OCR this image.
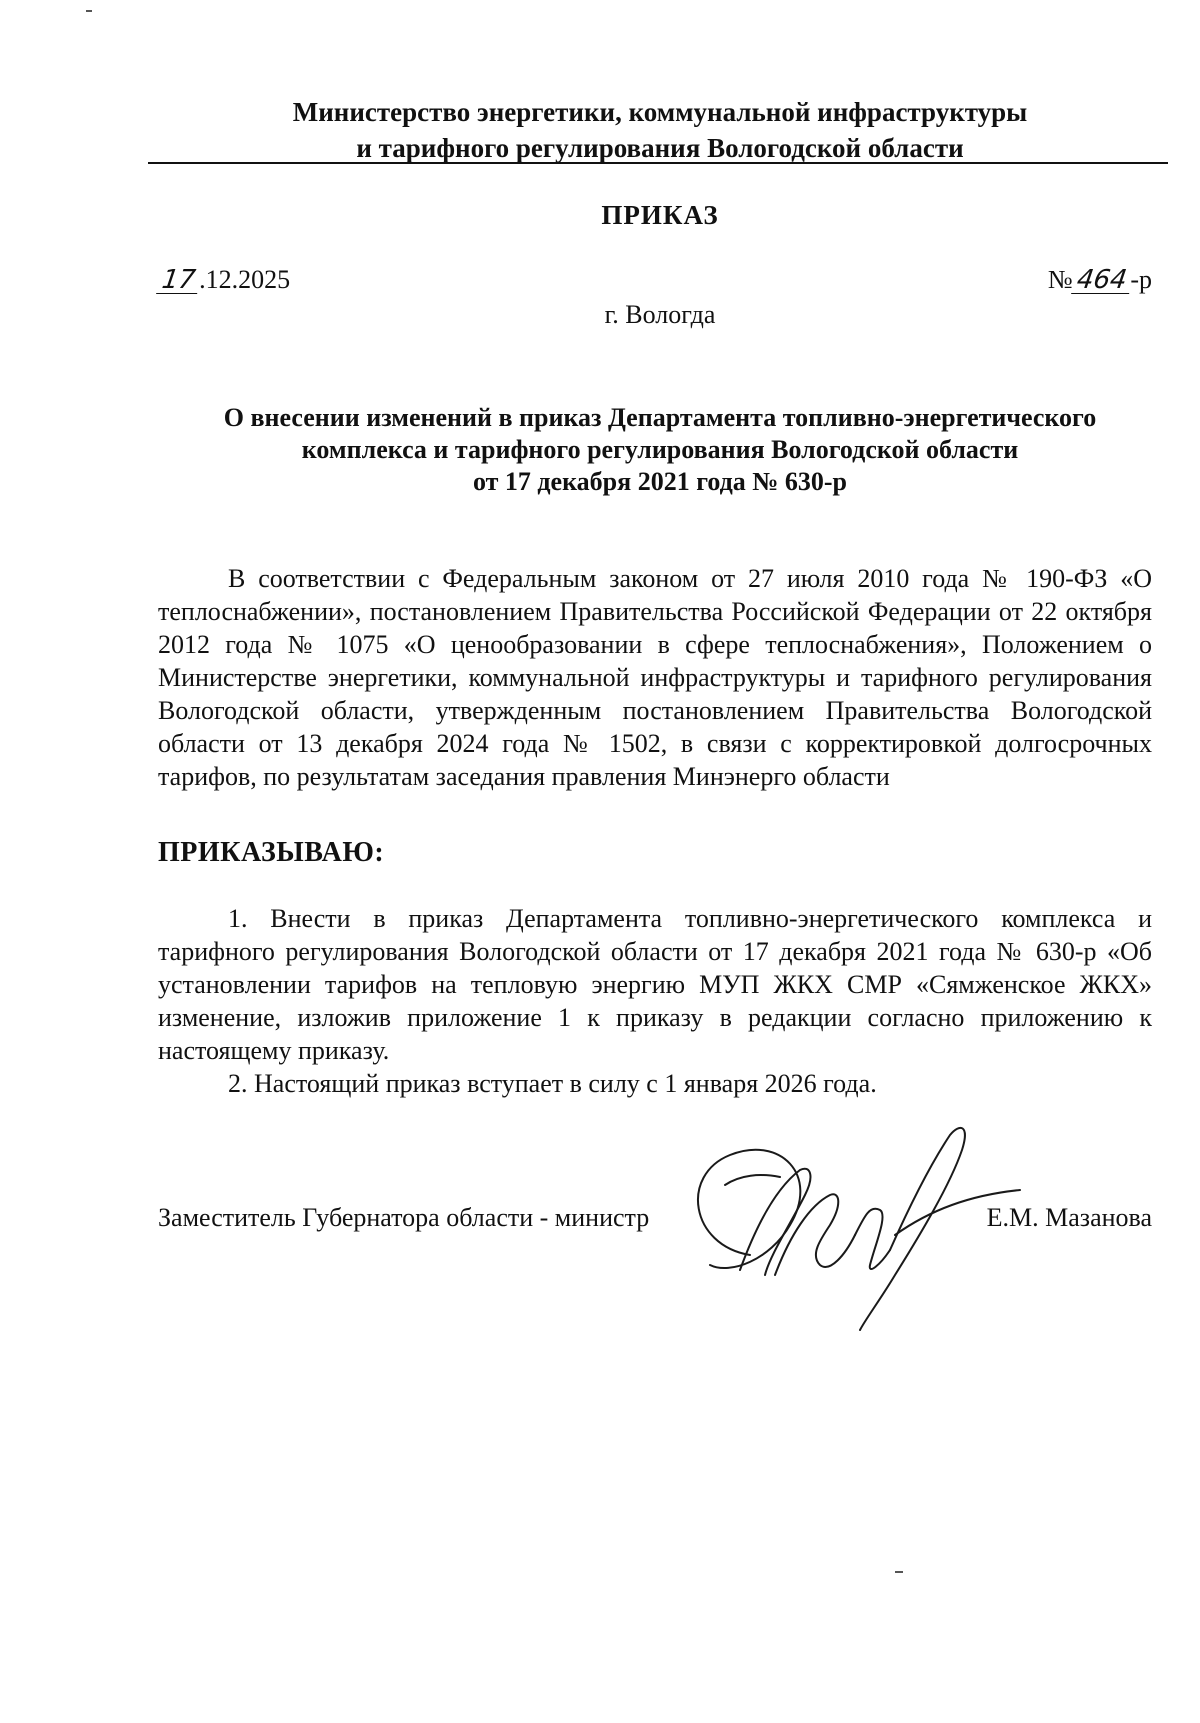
Министерство энергетики, коммунальной инфраструктуры
и тарифного регулирования Вологодской области
ПРИКАЗ
17.12.2025	№464-р
г. Вологда
О внесении изменений в приказ Департамента топливно-энергетического
комплекса и тарифного регулирования Вологодской области
от 17 декабря 2021 года № 630-р

В соответствии с Федеральным законом от 27 июля 2010 года № 190-ФЗ «О теплоснабжении», постановлением Правительства Российской Федерации от 22 октября 2012 года № 1075 «О ценообразовании в сфере теплоснабжения», Положением о Министерстве энергетики, коммунальной инфраструктуры и тарифного регулирования Вологодской области, утвержденным постановлением Правительства Вологодской области от 13 декабря 2024 года № 1502, в связи с корректировкой долгосрочных тарифов, по результатам заседания правления Минэнерго области

ПРИКАЗЫВАЮ:

1. Внести в приказ Департамента топливно-энергетического комплекса и тарифного регулирования Вологодской области от 17 декабря 2021 года № 630-р «Об установлении тарифов на тепловую энергию МУП ЖКХ СМР «Сямженское ЖКХ» изменение, изложив приложение 1 к приказу в редакции согласно приложению к настоящему приказу.

2. Настоящий приказ вступает в силу с 1 января 2026 года.

Заместитель Губернатора области - министр	Е.М. Мазанова
